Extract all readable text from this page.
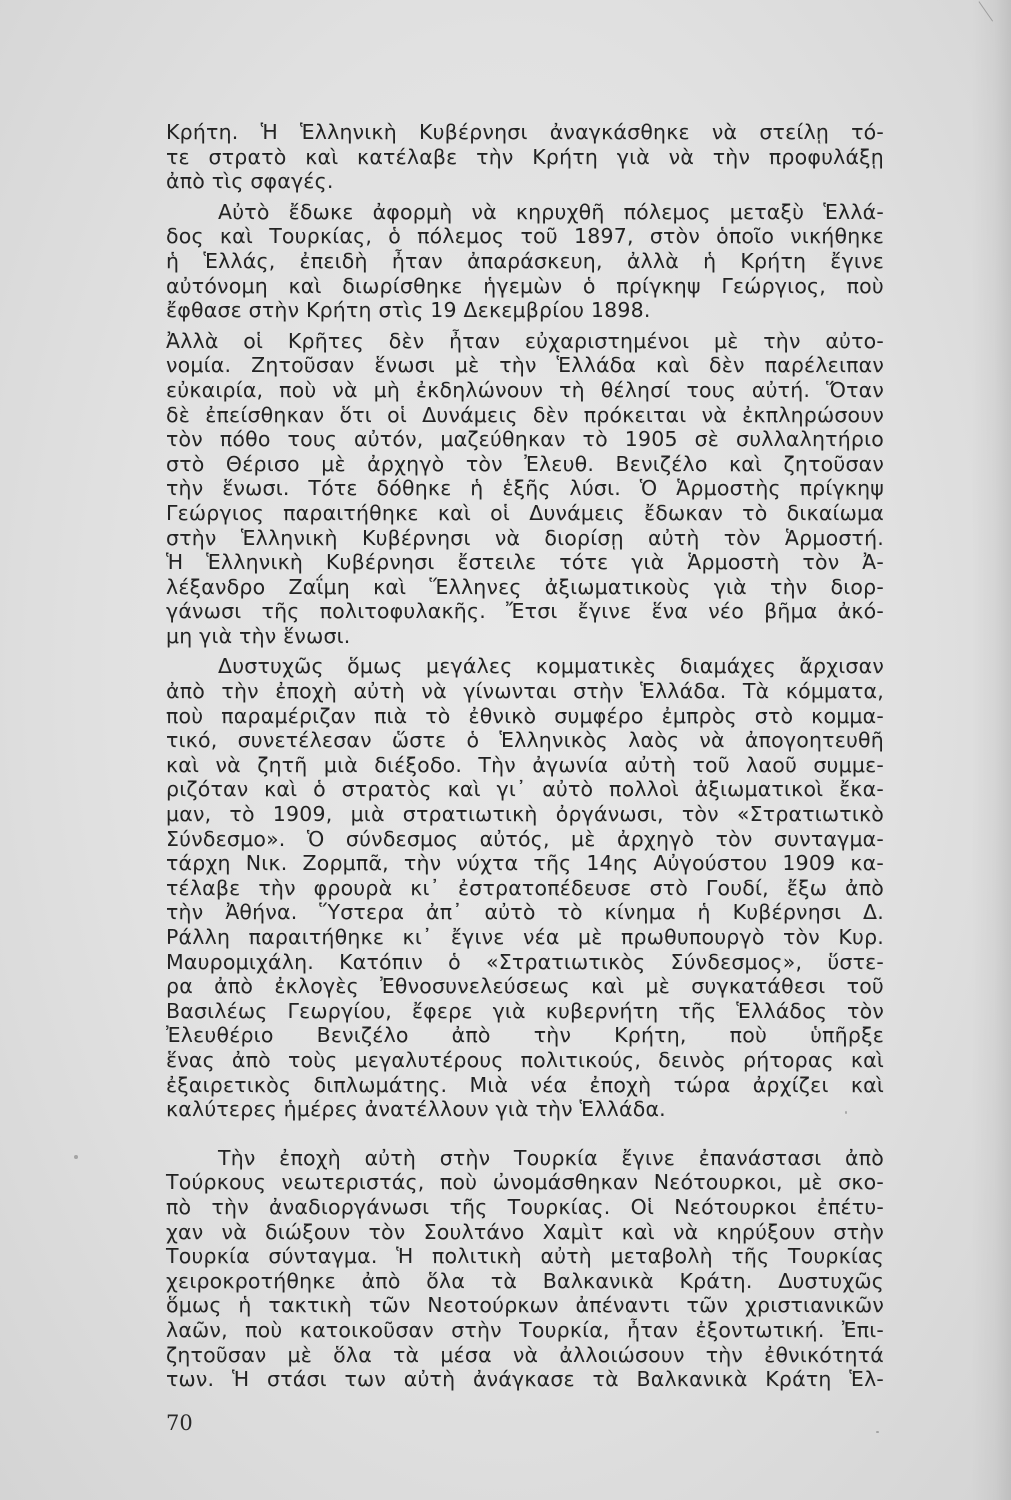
Κρήτη. Ἡ Ἑλληνικὴ Κυβέρνησι ἀναγκάσθηκε νὰ στείλῃ τό-
τε στρατὸ καὶ κατέλαβε τὴν Κρήτη γιὰ νὰ τὴν προφυλάξῃ
ἀπὸ τὶς σφαγές.
Αὐτὸ ἔδωκε ἀφορμὴ νὰ κηρυχθῆ πόλεμος μεταξὺ Ἑλλά-
δος καὶ Τουρκίας, ὁ πόλεμος τοῦ 1897, στὸν ὁποῖο νικήθηκε
ἡ Ἑλλάς, ἐπειδὴ ἦταν ἀπαράσκευη, ἀλλὰ ἡ Κρήτη ἔγινε
αὐτόνομη καὶ διωρίσθηκε ἡγεμὼν ὁ πρίγκηψ Γεώργιος, ποὺ
ἔφθασε στὴν Κρήτη στὶς 19 Δεκεμβρίου 1898.
Ἀλλὰ οἱ Κρῆτες δὲν ἦταν εὐχαριστημένοι μὲ τὴν αὐτο-
νομία. Ζητοῦσαν ἕνωσι μὲ τὴν Ἑλλάδα καὶ δὲν παρέλειπαν
εὐκαιρία, ποὺ νὰ μὴ ἐκδηλώνουν τὴ θέλησί τους αὐτή. Ὅταν
δὲ ἐπείσθηκαν ὅτι οἱ Δυνάμεις δὲν πρόκειται νὰ ἐκπληρώσουν
τὸν πόθο τους αὐτόν, μαζεύθηκαν τὸ 1905 σὲ συλλαλητήριο
στὸ Θέρισο μὲ ἀρχηγὸ τὸν Ἐλευθ. Βενιζέλο καὶ ζητοῦσαν
τὴν ἕνωσι. Τότε δόθηκε ἡ ἑξῆς λύσι. Ὁ Ἁρμοστὴς πρίγκηψ
Γεώργιος παραιτήθηκε καὶ οἱ Δυνάμεις ἔδωκαν τὸ δικαίωμα
στὴν Ἑλληνικὴ Κυβέρνησι νὰ διορίσῃ αὐτὴ τὸν Ἁρμοστή.
Ἡ Ἑλληνικὴ Κυβέρνησι ἔστειλε τότε γιὰ Ἁρμοστὴ τὸν Ἀ-
λέξανδρο Ζαΐμη καὶ Ἕλληνες ἀξιωματικοὺς γιὰ τὴν διορ-
γάνωσι τῆς πολιτοφυλακῆς. Ἔτσι ἔγινε ἕνα νέο βῆμα ἀκό-
μη γιὰ τὴν ἕνωσι.
Δυστυχῶς ὅμως μεγάλες κομματικὲς διαμάχες ἄρχισαν
ἀπὸ τὴν ἐποχὴ αὐτὴ νὰ γίνωνται στὴν Ἑλλάδα. Τὰ κόμματα,
ποὺ παραμέριζαν πιὰ τὸ ἐθνικὸ συμφέρο ἐμπρὸς στὸ κομμα-
τικό, συνετέλεσαν ὥστε ὁ Ἑλληνικὸς λαὸς νὰ ἀπογοητευθῆ
καὶ νὰ ζητῆ μιὰ διέξοδο. Τὴν ἀγωνία αὐτὴ τοῦ λαοῦ συμμε-
ριζόταν καὶ ὁ στρατὸς καὶ γι᾽ αὐτὸ πολλοὶ ἀξιωματικοὶ ἔκα-
μαν, τὸ 1909, μιὰ στρατιωτικὴ ὀργάνωσι, τὸν «Στρατιωτικὸ
Σύνδεσμο». Ὁ σύνδεσμος αὐτός, μὲ ἀρχηγὸ τὸν συνταγμα-
τάρχη Νικ. Ζορμπᾶ, τὴν νύχτα τῆς 14ης Αὐγούστου 1909 κα-
τέλαβε τὴν φρουρὰ κι᾽ ἐστρατοπέδευσε στὸ Γουδί, ἔξω ἀπὸ
τὴν Ἀθήνα. Ὕστερα ἀπ᾽ αὐτὸ τὸ κίνημα ἡ Κυβέρνησι Δ.
Ράλλη παραιτήθηκε κι᾽ ἔγινε νέα μὲ πρωθυπουργὸ τὸν Κυρ.
Μαυρομιχάλη. Κατόπιν ὁ «Στρατιωτικὸς Σύνδεσμος», ὕστε-
ρα ἀπὸ ἐκλογὲς Ἐθνοσυνελεύσεως καὶ μὲ συγκατάθεσι τοῦ
Βασιλέως Γεωργίου, ἔφερε γιὰ κυβερνήτη τῆς Ἑλλάδος τὸν
Ἐλευθέριο Βενιζέλο ἀπὸ τὴν Κρήτη, ποὺ ὑπῆρξε
ἕνας ἀπὸ τοὺς μεγαλυτέρους πολιτικούς, δεινὸς ρήτορας καὶ
ἐξαιρετικὸς διπλωμάτης. Μιὰ νέα ἐποχὴ τώρα ἀρχίζει καὶ
καλύτερες ἡμέρες ἀνατέλλουν γιὰ τὴν Ἑλλάδα.
Τὴν ἐποχὴ αὐτὴ στὴν Τουρκία ἔγινε ἐπανάστασι ἀπὸ
Τούρκους νεωτεριστάς, ποὺ ὠνομάσθηκαν Νεότουρκοι, μὲ σκο-
πὸ τὴν ἀναδιοργάνωσι τῆς Τουρκίας. Οἱ Νεότουρκοι ἐπέτυ-
χαν νὰ διώξουν τὸν Σουλτάνο Χαμὶτ καὶ νὰ κηρύξουν στὴν
Τουρκία σύνταγμα. Ἡ πολιτικὴ αὐτὴ μεταβολὴ τῆς Τουρκίας
χειροκροτήθηκε ἀπὸ ὅλα τὰ Βαλκανικὰ Κράτη. Δυστυχῶς
ὅμως ἡ τακτικὴ τῶν Νεοτούρκων ἀπέναντι τῶν χριστιανικῶν
λαῶν, ποὺ κατοικοῦσαν στὴν Τουρκία, ἦταν ἐξοντωτική. Ἐπι-
ζητοῦσαν μὲ ὅλα τὰ μέσα νὰ ἀλλοιώσουν τὴν ἐθνικότητά
των. Ἡ στάσι των αὐτὴ ἀνάγκασε τὰ Βαλκανικὰ Κράτη Ἑλ-
70
